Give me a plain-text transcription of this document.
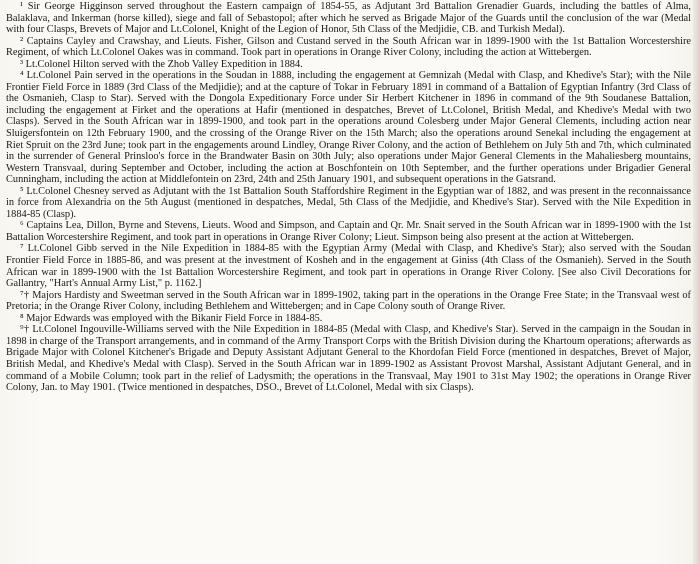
¹ Sir George Higginson served throughout the Eastern campaign of 1854-55, as Adjutant 3rd Battalion Grenadier Guards, including the battles of Alma, Balaklava, and Inkerman (horse killed), siege and fall of Sebastopol; after which he served as Brigade Major of the Guards until the conclusion of the war (Medal with four Clasps, Brevets of Major and Lt.Colonel, Knight of the Legion of Honor, 5th Class of the Medjidie, CB. and Turkish Medal).

² Captains Cayley and Crawshay, and Lieuts. Fisher, Gilson and Custand served in the South African war in 1899-1900 with the 1st Battalion Worcestershire Regiment, of which Lt.Colonel Oakes was in command. Took part in operations in Orange River Colony, including the action at Wittebergen.

³ Lt.Colonel Hilton served with the Zhob Valley Expedition in 1884.

⁴ Lt.Colonel Pain served in the operations in the Soudan in 1888, including the engagement at Gemnizah (Medal with Clasp, and Khedive's Star); with the Nile Frontier Field Force in 1889 (3rd Class of the Medjidie); and at the capture of Tokar in February 1891 in command of a Battalion of Egyptian Infantry (3rd Class of the Osmanieh, Clasp to Star). Served with the Dongola Expeditionary Force under Sir Herbert Kitchener in 1896 in command of the 9th Soudanese Battalion, including the engagement at Firket and the operations at Hafir (mentioned in despatches, Brevet of Lt.Colonel, British Medal, and Khedive's Medal with two Clasps). Served in the South African war in 1899-1900, and took part in the operations around Colesberg under Major General Clements, including action near Sluigersfontein on 12th February 1900, and the crossing of the Orange River on the 15th March; also the operations around Senekal including the engagement at Riet Spruit on the 23rd June; took part in the engagements around Lindley, Orange River Colony, and the action of Bethlehem on July 5th and 7th, which culminated in the surrender of General Prinsloo's force in the Brandwater Basin on 30th July; also operations under Major General Clements in the Mahaliesberg mountains, Western Transvaal, during September and October, including the action at Boschfontein on 10th September, and the further operations under Brigadier General Cunningham, including the action at Middlefontein on 23rd, 24th and 25th January 1901, and subsequent operations in the Gatsrand.

⁵ Lt.Colonel Chesney served as Adjutant with the 1st Battalion South Staffordshire Regiment in the Egyptian war of 1882, and was present in the reconnaissance in force from Alexandria on the 5th August (mentioned in despatches, Medal, 5th Class of the Medjidie, and Khedive's Star). Served with the Nile Expedition in 1884-85 (Clasp).

⁶ Captains Lea, Dillon, Byrne and Stevens, Lieuts. Wood and Simpson, and Captain and Qr. Mr. Snait served in the South African war in 1899-1900 with the 1st Battalion Worcestershire Regiment, and took part in operations in Orange River Colony; Lieut. Simpson being also present at the action at Wittebergen.

⁷ Lt.Colonel Gibb served in the Nile Expedition in 1884-85 with the Egyptian Army (Medal with Clasp, and Khedive's Star); also served with the Soudan Frontier Field Force in 1885-86, and was present at the investment of Kosheh and in the engagement at Giniss (4th Class of the Osmanieh). Served in the South African war in 1899-1900 with the 1st Battalion Worcestershire Regiment, and took part in operations in Orange River Colony. [See also Civil Decorations for Gallantry, "Hart's Annual Army List," p. 1162.]

⁷† Majors Hardisty and Sweetman served in the South African war in 1899-1902, taking part in the operations in the Orange Free State; in the Transvaal west of Pretoria; in the Orange River Colony, including Bethlehem and Wittebergen; and in Cape Colony south of Orange River.

⁸ Major Edwards was employed with the Bikanir Field Force in 1884-85.

⁹† Lt.Colonel Ingouville-Williams served with the Nile Expedition in 1884-85 (Medal with Clasp, and Khedive's Star). Served in the campaign in the Soudan in 1898 in charge of the Transport arrangements, and in command of the Army Transport Corps with the British Division during the Khartoum operations; afterwards as Brigade Major with Colonel Kitchener's Brigade and Deputy Assistant Adjutant General to the Khordofan Field Force (mentioned in despatches, Brevet of Major, British Medal, and Khedive's Medal with Clasp). Served in the South African war in 1899-1902 as Assistant Provost Marshal, Assistant Adjutant General, and in command of a Mobile Column; took part in the relief of Ladysmith; the operations in the Transvaal, May 1901 to 31st May 1902; the operations in Orange River Colony, Jan. to May 1901. (Twice mentioned in despatches, DSO., Brevet of Lt.Colonel, Medal with six Clasps).
